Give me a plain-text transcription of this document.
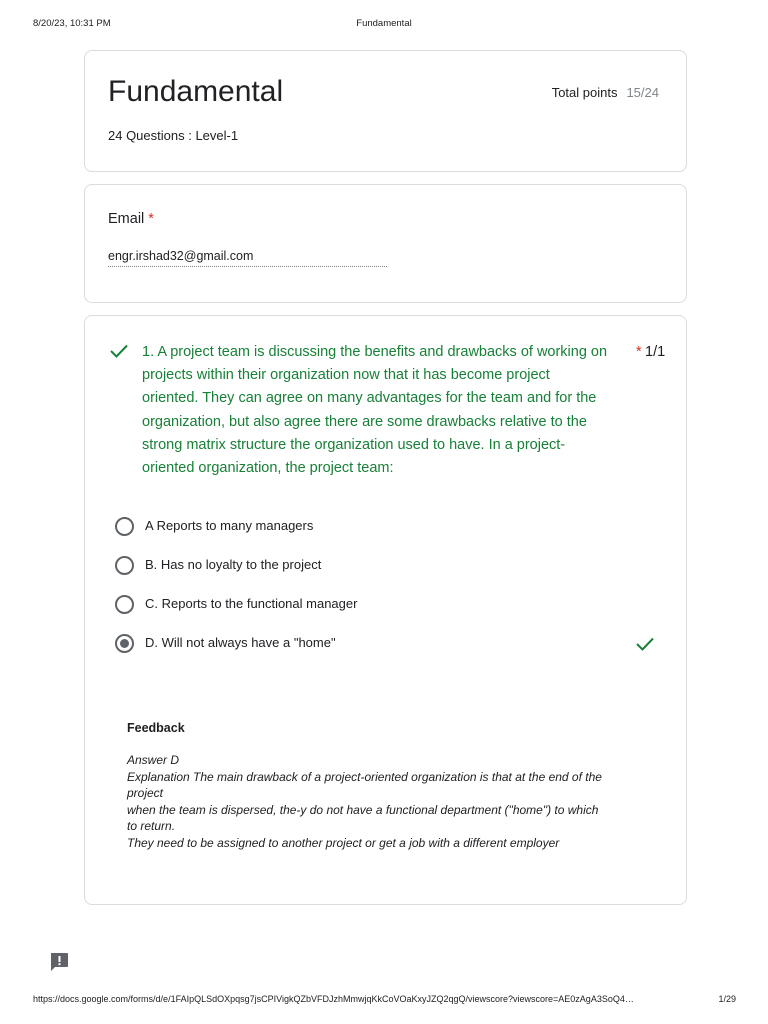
8/20/23, 10:31 PM	Fundamental
Fundamental	Total points 15/24
24 Questions : Level-1
Email *
engr.irshad32@gmail.com
1. A project team is discussing the benefits and drawbacks of working on
projects within their organization now that it has become project
oriented. They can agree on many advantages for the team and for the
organization, but also agree there are some drawbacks relative to the
strong matrix structure the organization used to have. In a project-
oriented organization, the project team:
* 1/1
A Reports to many managers
B. Has no loyalty to the project
C. Reports to the functional manager
D. Will not always have a "home"
Feedback
Answer D
Explanation The main drawback of a project-oriented organization is that at the end of the
project
when the team is dispersed, the-y do not have a functional department ("home") to which
to return.
They need to be assigned to another project or get a job with a different employer
https://docs.google.com/forms/d/e/1FAIpQLSdOXpqsg7jsCPIVigkQZbVFDJzhMmwjqKkCoVOaKxyJZQ2qgQ/viewscore?viewscore=AE0zAgA3SoQ4…	1/29
